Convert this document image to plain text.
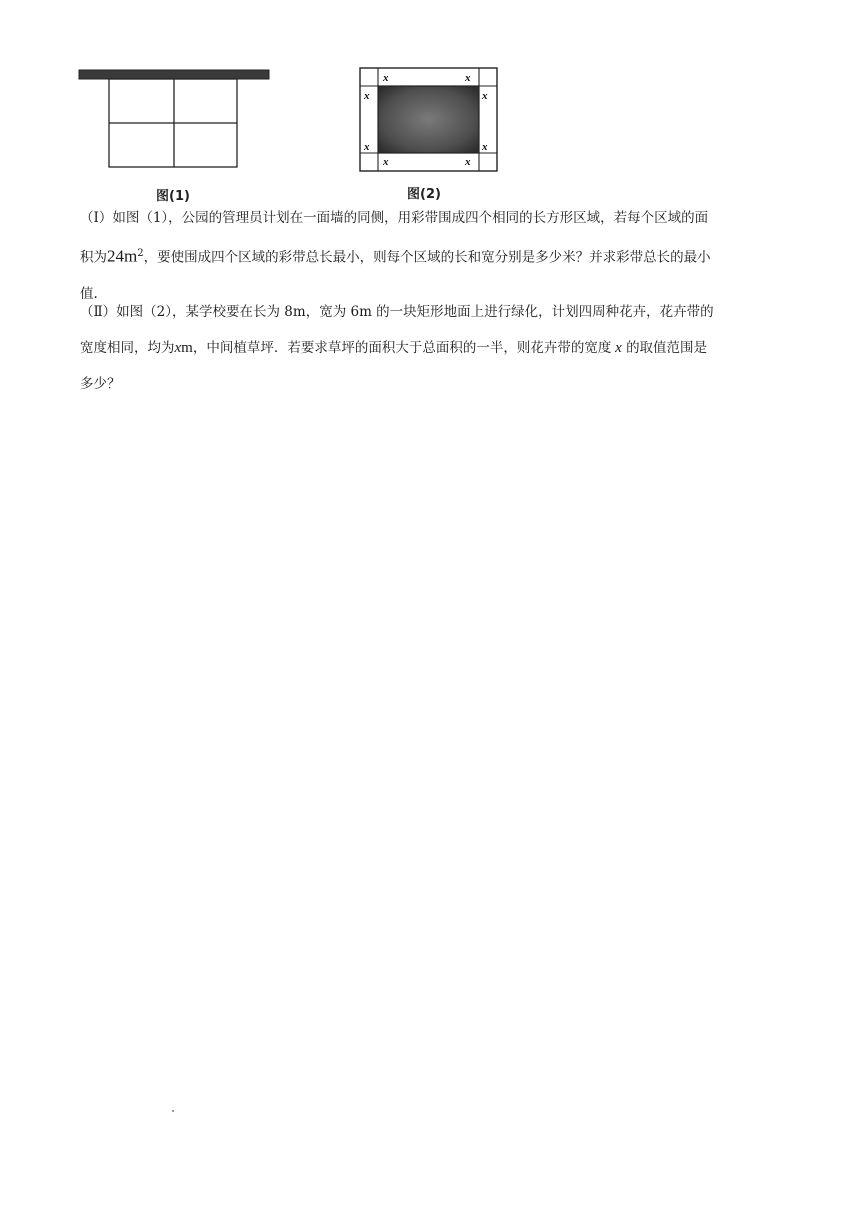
图(1)
x	x
x	x
x	x
x	x
图(2)

（Ⅰ）如图（1），公园的管理员计划在一面墙的同侧，用彩带围成四个相同的长方形区域，若每个区域的面
积为$24m^2$，要使围成四个区域的彩带总长最小，则每个区域的长和宽分别是多少米？并求彩带总长的最小
值.

（Ⅱ）如图（2），某学校要在长为 8m，宽为 6m 的一块矩形地面上进行绿化，计划四周种花卉，花卉带的
宽度相同，均为xm，中间植草坪．若要求草坪的面积大于总面积的一半，则花卉带的宽度 x 的取值范围是
多少？
